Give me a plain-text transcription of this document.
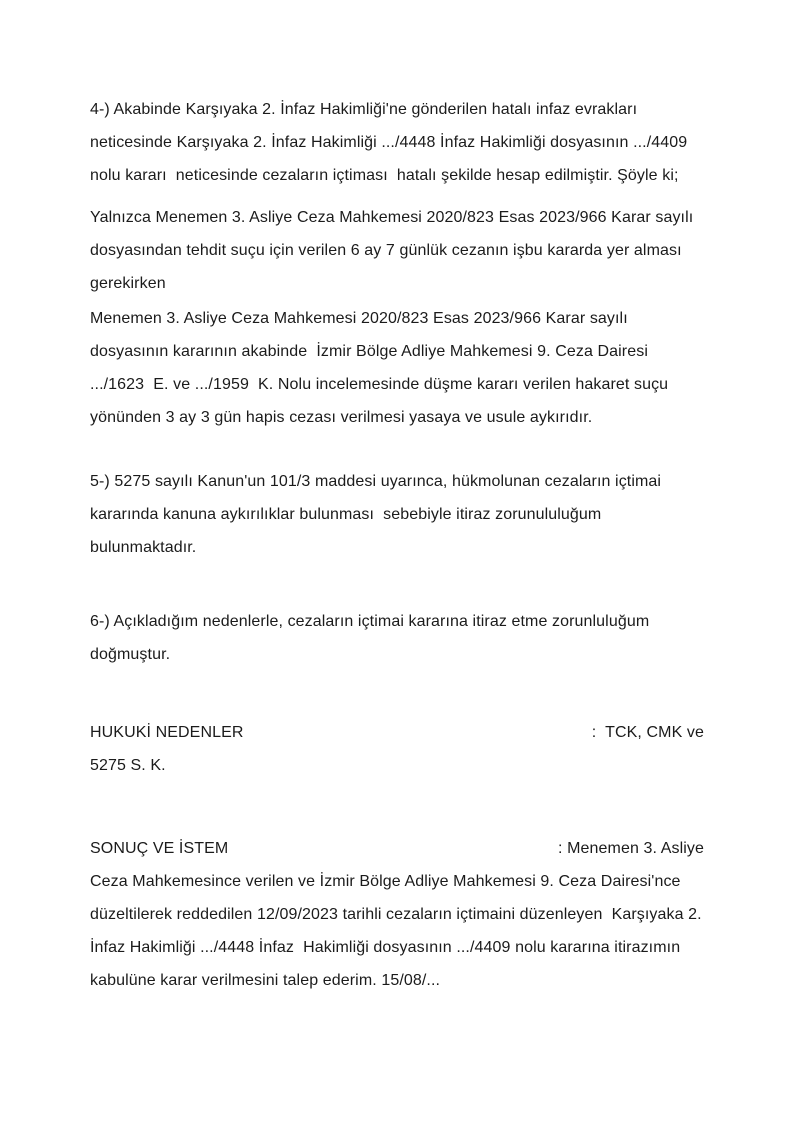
4-) Akabinde Karşıyaka 2. İnfaz Hakimliği'ne gönderilen hatalı infaz evrakları
neticesinde Karşıyaka 2. İnfaz Hakimliği .../4448 İnfaz Hakimliği dosyasının .../4409
nolu kararı  neticesinde cezaların içtiması  hatalı şekilde hesap edilmiştir. Şöyle ki;
Yalnızca Menemen 3. Asliye Ceza Mahkemesi 2020/823 Esas 2023/966 Karar sayılı
dosyasından tehdit suçu için verilen 6 ay 7 günlük cezanın işbu kararda yer alması
gerekirken
Menemen 3. Asliye Ceza Mahkemesi 2020/823 Esas 2023/966 Karar sayılı
dosyasının kararının akabinde  İzmir Bölge Adliye Mahkemesi 9. Ceza Dairesi
.../1623  E. ve .../1959  K. Nolu incelemesinde düşme kararı verilen hakaret suçu
yönünden 3 ay 3 gün hapis cezası verilmesi yasaya ve usule aykırıdır.
5-) 5275 sayılı Kanun'un 101/3 maddesi uyarınca, hükmolunan cezaların içtimai
kararında kanuna aykırılıklar bulunması  sebebiyle itiraz zorunululuğum
bulunmaktadır.
6-) Açıkladığım nedenlerle, cezaların içtimai kararına itiraz etme zorunluluğum
doğmuştur.
HUKUKİ NEDENLER	:  TCK, CMK ve
5275 S. K.
SONUÇ VE İSTEM	: Menemen 3. Asliye
Ceza Mahkemesince verilen ve İzmir Bölge Adliye Mahkemesi 9. Ceza Dairesi'nce
düzeltilerek reddedilen 12/09/2023 tarihli cezaların içtimaini düzenleyen  Karşıyaka 2.
İnfaz Hakimliği .../4448 İnfaz  Hakimliği dosyasının .../4409 nolu kararına itirazımın
kabulüne karar verilmesini talep ederim. 15/08/...
